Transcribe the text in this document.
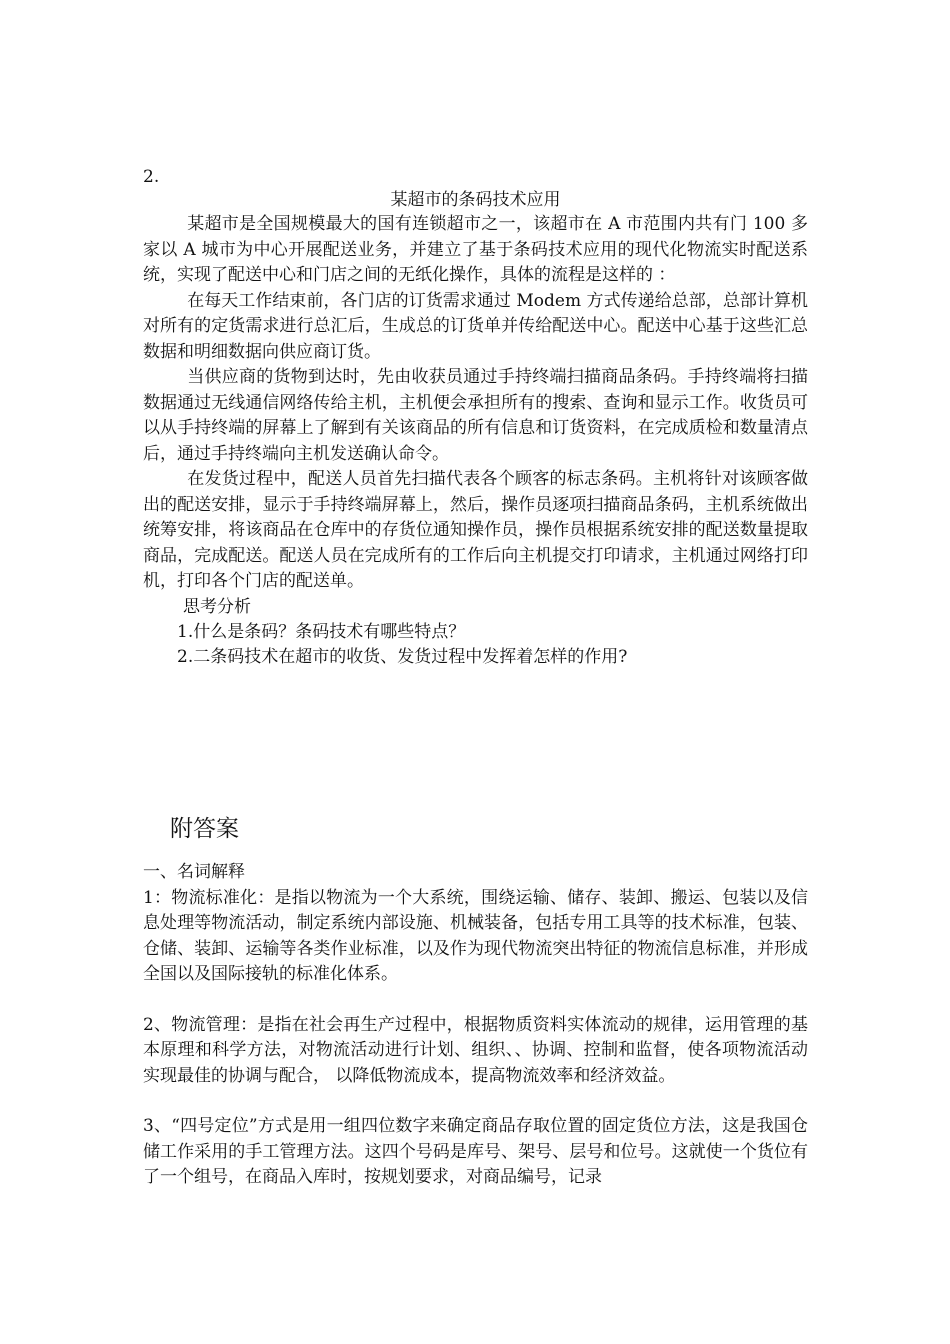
2.
某超市的条码技术应用

某超市是全国规模最大的国有连锁超市之一，该超市在 A 市范围内共有门 100 多家以 A 城市为中心开展配送业务，并建立了基于条码技术应用的现代化物流实时配送系统，实现了配送中心和门店之间的无纸化操作，具体的流程是这样的 ：

在每天工作结束前，各门店的订货需求通过 Modem 方式传递给总部，总部计算机对所有的定货需求进行总汇后，生成总的订货单并传给配送中心。配送中心基于这些汇总数据和明细数据向供应商订货。

当供应商的货物到达时，先由收获员通过手持终端扫描商品条码。手持终端将扫描数据通过无线通信网络传给主机，主机便会承担所有的搜索、查询和显示工作。收货员可以从手持终端的屏幕上了解到有关该商品的所有信息和订货资料，在完成质检和数量清点后，通过手持终端向主机发送确认命令。

在发货过程中，配送人员首先扫描代表各个顾客的标志条码。主机将针对该顾客做出的配送安排，显示于手持终端屏幕上，然后，操作员逐项扫描商品条码，主机系统做出统筹安排，将该商品在仓库中的存货位通知操作员，操作员根据系统安排的配送数量提取商品，完成配送。配送人员在完成所有的工作后向主机提交打印请求，主机通过网络打印机，打印各个门店的配送单。

思考分析
1.什么是条码？条码技术有哪些特点？
2.二条码技术在超市的收货、发货过程中发挥着怎样的作用?
附答案

一、名词解释

1：物流标准化：是指以物流为一个大系统，围绕运输、储存、装卸、搬运、包装以及信息处理等物流活动，制定系统内部设施、机械装备，包括专用工具等的技术标准，包装、仓储、装卸、运输等各类作业标准，以及作为现代物流突出特征的物流信息标准，并形成全国以及国际接轨的标准化体系。

2、物流管理：是指在社会再生产过程中，根据物质资料实体流动的规律，运用管理的基本原理和科学方法，对物流活动进行计划、组织、、协调、控制和监督，使各项物流活动实现最佳的协调与配合， 以降低物流成本，提高物流效率和经济效益。

3、“四号定位”方式是用一组四位数字来确定商品存取位置的固定货位方法，这是我国仓储工作采用的手工管理方法。这四个号码是库号、架号、层号和位号。这就使一个货位有了一个组号，在商品入库时，按规划要求，对商品编号，记录
